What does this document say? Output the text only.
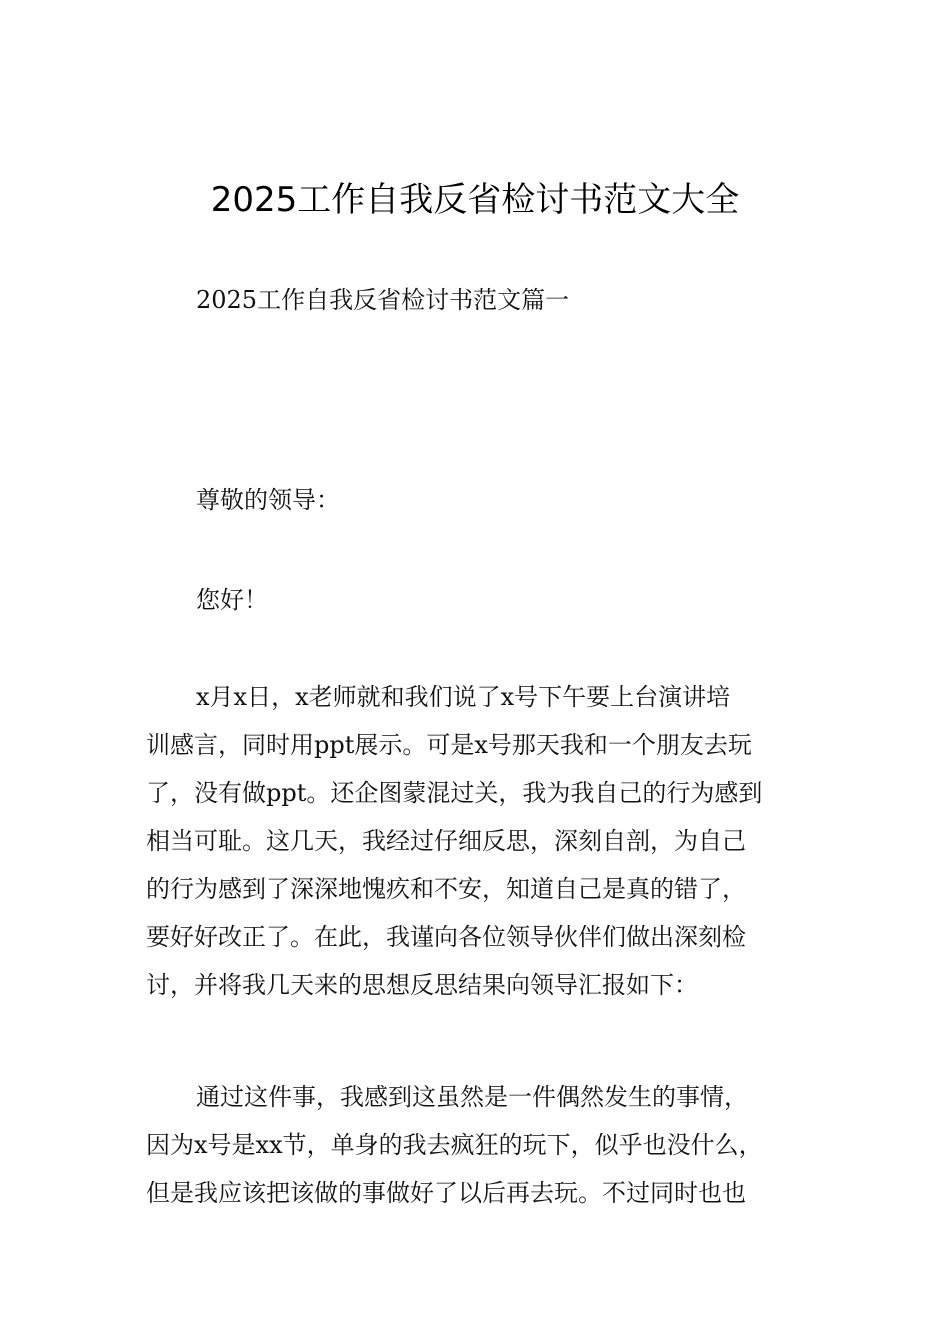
2025工作自我反省检讨书范文大全

2025工作自我反省检讨书范文篇一

尊敬的领导：

您好！

x月x日，x老师就和我们说了x号下午要上台演讲培
训感言，同时用ppt展示。可是x号那天我和一个朋友去玩
了，没有做ppt。还企图蒙混过关，我为我自己的行为感到
相当可耻。这几天，我经过仔细反思，深刻自剖，为自己
的行为感到了深深地愧疚和不安，知道自己是真的错了，
要好好改正了。在此，我谨向各位领导伙伴们做出深刻检
讨，并将我几天来的思想反思结果向领导汇报如下：
通过这件事，我感到这虽然是一件偶然发生的事情，
因为x号是xx节，单身的我去疯狂的玩下，似乎也没什么，
但是我应该把该做的事做好了以后再去玩。不过同时也也
